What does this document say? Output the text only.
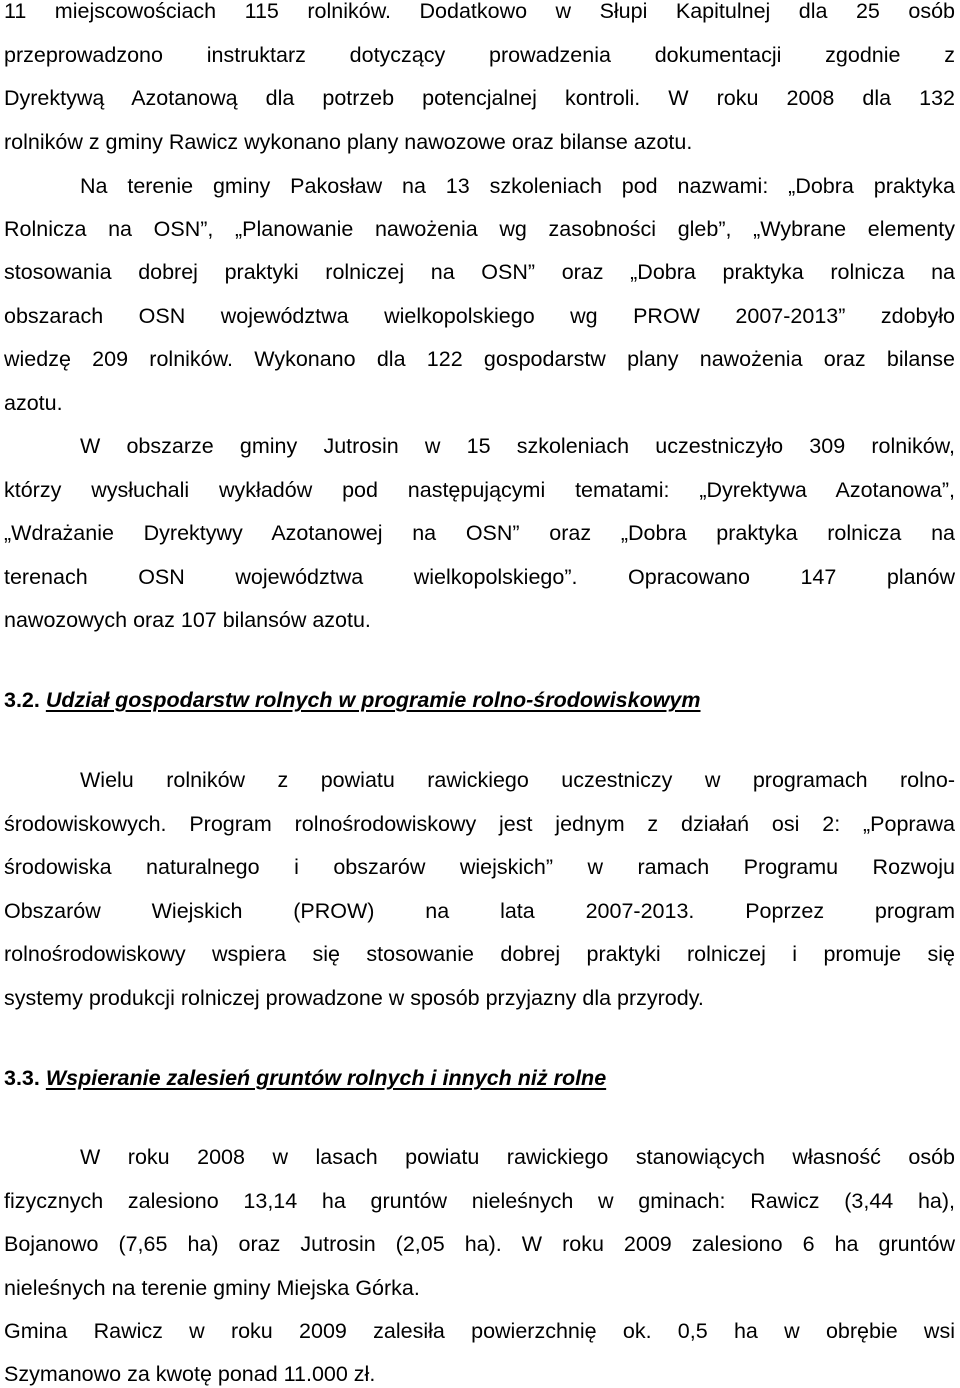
11 miejscowościach 115 rolników. Dodatkowo w Słupi Kapitulnej dla 25 osób
przeprowadzono instruktarz dotyczący prowadzenia dokumentacji zgodnie z
Dyrektywą Azotanową dla potrzeb potencjalnej kontroli. W roku 2008 dla 132
rolników z gminy Rawicz wykonano plany nawozowe oraz bilanse azotu.
Na terenie gminy Pakosław na 13 szkoleniach pod nazwami: „Dobra praktyka
Rolnicza na OSN”, „Planowanie nawożenia wg zasobności gleb”, „Wybrane elementy
stosowania dobrej praktyki rolniczej na OSN” oraz „Dobra praktyka rolnicza na
obszarach OSN województwa wielkopolskiego wg PROW 2007-2013” zdobyło
wiedzę 209 rolników. Wykonano dla 122 gospodarstw plany nawożenia oraz bilanse
azotu.
W obszarze gminy Jutrosin w 15 szkoleniach uczestniczyło 309 rolników,
którzy wysłuchali wykładów pod następującymi tematami: „Dyrektywa Azotanowa”,
„Wdrażanie Dyrektywy Azotanowej na OSN” oraz „Dobra praktyka rolnicza na
terenach OSN województwa wielkopolskiego”. Opracowano 147 planów
nawozowych oraz 107 bilansów azotu.
3.2. Udział gospodarstw rolnych w programie rolno-środowiskowym
Wielu rolników z powiatu rawickiego uczestniczy w programach rolno-
środowiskowych. Program rolnośrodowiskowy jest jednym z działań osi 2: „Poprawa
środowiska naturalnego i obszarów wiejskich” w ramach Programu Rozwoju
Obszarów Wiejskich (PROW) na lata 2007-2013. Poprzez program
rolnośrodowiskowy wspiera się stosowanie dobrej praktyki rolniczej i promuje się
systemy produkcji rolniczej prowadzone w sposób przyjazny dla przyrody.
3.3. Wspieranie zalesień gruntów rolnych i innych niż rolne
W roku 2008 w lasach powiatu rawickiego stanowiących własność osób
fizycznych zalesiono 13,14 ha gruntów nieleśnych w gminach: Rawicz (3,44 ha),
Bojanowo (7,65 ha) oraz Jutrosin (2,05 ha). W roku 2009 zalesiono 6 ha gruntów
nieleśnych na terenie gminy Miejska Górka.
Gmina Rawicz w roku 2009 zalesiła powierzchnię ok. 0,5 ha w obrębie wsi
Szymanowo za kwotę ponad 11.000 zł.
